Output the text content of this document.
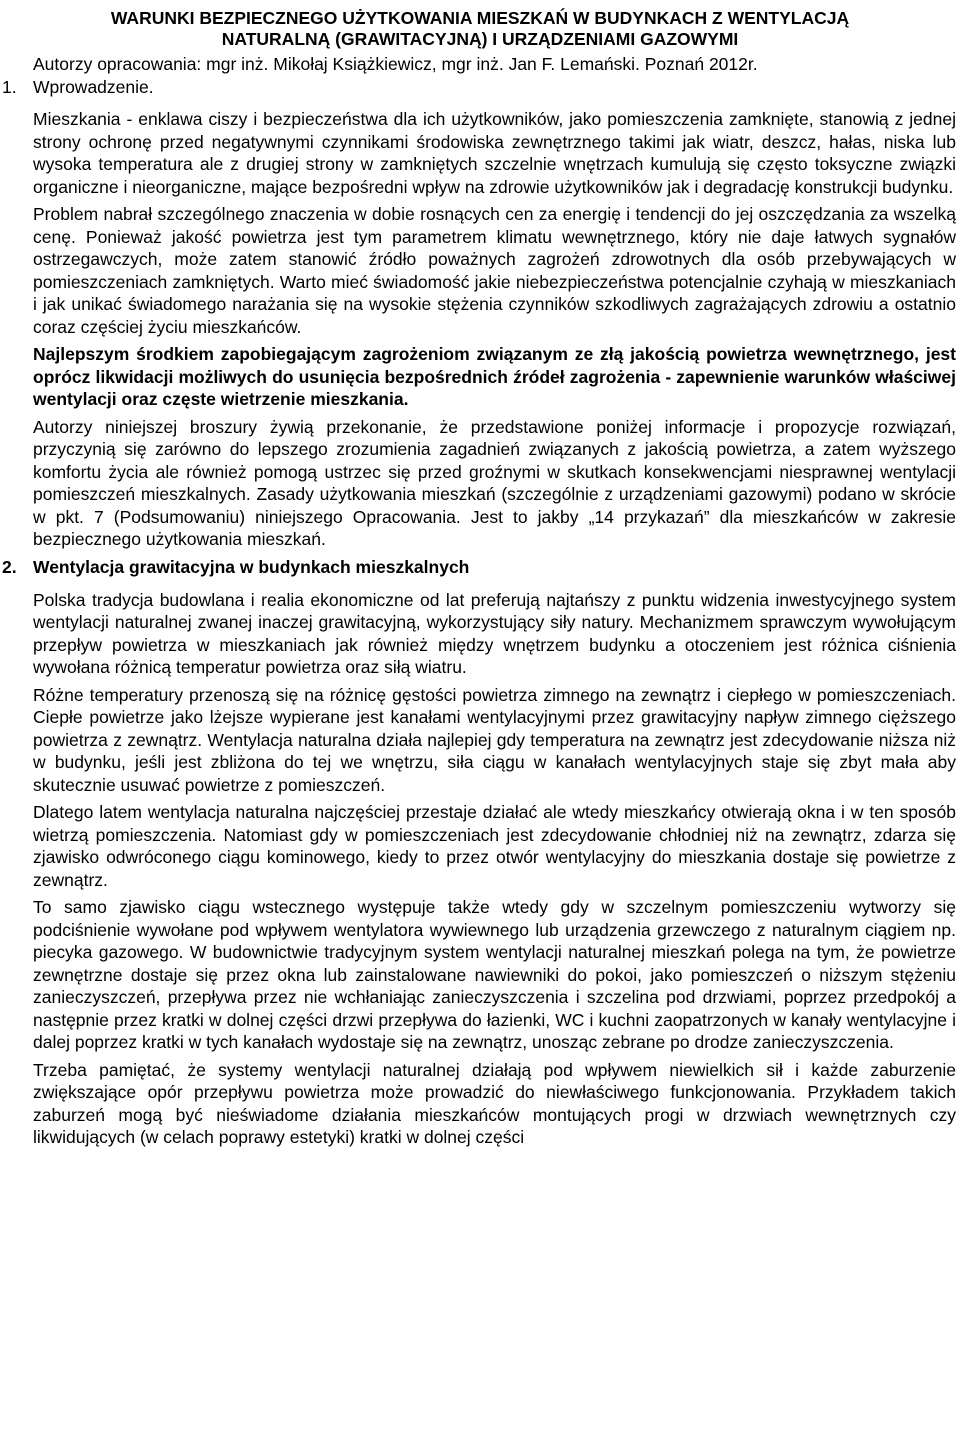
WARUNKI BEZPIECZNEGO UŻYTKOWANIA MIESZKAŃ W BUDYNKACH Z WENTYLACJĄ
NATURALNĄ (GRAWITACYJNĄ) I URZĄDZENIAMI GAZOWYMI
Autorzy opracowania: mgr inż. Mikołaj Książkiewicz, mgr inż. Jan F. Lemański. Poznań 2012r.
1. Wprowadzenie.

Mieszkania - enklawa ciszy i bezpieczeństwa dla ich użytkowników, jako pomieszczenia zamknięte, stanowią z jednej strony ochronę przed negatywnymi czynnikami środowiska zewnętrznego takimi jak wiatr, deszcz, hałas, niska lub wysoka temperatura ale z drugiej strony w zamkniętych szczelnie wnętrzach kumulują się często toksyczne związki organiczne i nieorganiczne, mające bezpośredni wpływ na zdrowie użytkowników jak i degradację konstrukcji budynku.

Problem nabrał szczególnego znaczenia w dobie rosnących cen za energię i tendencji do jej oszczędzania za wszelką cenę. Ponieważ jakość powietrza jest tym parametrem klimatu wewnętrznego, który nie daje łatwych sygnałów ostrzegawczych, może zatem stanowić źródło poważnych zagrożeń zdrowotnych dla osób przebywających w pomieszczeniach zamkniętych. Warto mieć świadomość jakie niebezpieczeństwa potencjalnie czyhają w mieszkaniach i jak unikać świadomego narażania się na wysokie stężenia czynników szkodliwych zagrażających zdrowiu a ostatnio coraz częściej życiu mieszkańców.

Najlepszym środkiem zapobiegającym zagrożeniom związanym ze złą jakością powietrza wewnętrznego, jest oprócz likwidacji możliwych do usunięcia bezpośrednich źródeł zagrożenia - zapewnienie warunków właściwej wentylacji oraz częste wietrzenie mieszkania.

Autorzy niniejszej broszury żywią przekonanie, że przedstawione poniżej informacje i propozycje rozwiązań, przyczynią się zarówno do lepszego zrozumienia zagadnień związanych z jakością powietrza, a zatem wyższego komfortu życia ale również pomogą ustrzec się przed groźnymi w skutkach konsekwencjami niesprawnej wentylacji pomieszczeń mieszkalnych. Zasady użytkowania mieszkań (szczególnie z urządzeniami gazowymi) podano w skrócie w pkt. 7 (Podsumowaniu) niniejszego Opracowania. Jest to jakby „14 przykazań” dla mieszkańców w zakresie bezpiecznego użytkowania mieszkań.

2. Wentylacja grawitacyjna w budynkach mieszkalnych

Polska tradycja budowlana i realia ekonomiczne od lat preferują najtańszy z punktu widzenia inwestycyjnego system wentylacji naturalnej zwanej inaczej grawitacyjną, wykorzystujący siły natury. Mechanizmem sprawczym wywołującym przepływ powietrza w mieszkaniach jak również między wnętrzem budynku a otoczeniem jest różnica ciśnienia wywołana różnicą temperatur powietrza oraz siłą wiatru.

Różne temperatury przenoszą się na różnicę gęstości powietrza zimnego na zewnątrz i ciepłego w pomieszczeniach. Ciepłe powietrze jako lżejsze wypierane jest kanałami wentylacyjnymi przez grawitacyjny napływ zimnego cięższego powietrza z zewnątrz. Wentylacja naturalna działa najlepiej gdy temperatura na zewnątrz jest zdecydowanie niższa niż w budynku, jeśli jest zbliżona do tej we wnętrzu, siła ciągu w kanałach wentylacyjnych staje się zbyt mała aby skutecznie usuwać powietrze z pomieszczeń.

Dlatego latem wentylacja naturalna najczęściej przestaje działać ale wtedy mieszkańcy otwierają okna i w ten sposób wietrzą pomieszczenia. Natomiast gdy w pomieszczeniach jest zdecydowanie chłodniej niż na zewnątrz, zdarza się zjawisko odwróconego ciągu kominowego, kiedy to przez otwór wentylacyjny do mieszkania dostaje się powietrze z zewnątrz.

To samo zjawisko ciągu wstecznego występuje także wtedy gdy w szczelnym pomieszczeniu wytworzy się podciśnienie wywołane pod wpływem wentylatora wywiewnego lub urządzenia grzewczego z naturalnym ciągiem np. piecyka gazowego. W budownictwie tradycyjnym system wentylacji naturalnej mieszkań polega na tym, że powietrze zewnętrzne dostaje się przez okna lub zainstalowane nawiewniki do pokoi, jako pomieszczeń o niższym stężeniu zanieczyszczeń, przepływa przez nie wchłaniając zanieczyszczenia i szczelina pod drzwiami, poprzez przedpokój a następnie przez kratki w dolnej części drzwi przepływa do łazienki, WC i kuchni zaopatrzonych w kanały wentylacyjne i dalej poprzez kratki w tych kanałach wydostaje się na zewnątrz, unosząc zebrane po drodze zanieczyszczenia.

Trzeba pamiętać, że systemy wentylacji naturalnej działają pod wpływem niewielkich sił i każde zaburzenie zwiększające opór przepływu powietrza może prowadzić do niewłaściwego funkcjonowania. Przykładem takich zaburzeń mogą być nieświadome działania mieszkańców montujących progi w drzwiach wewnętrznych czy likwidujących (w celach poprawy estetyki) kratki w dolnej części
